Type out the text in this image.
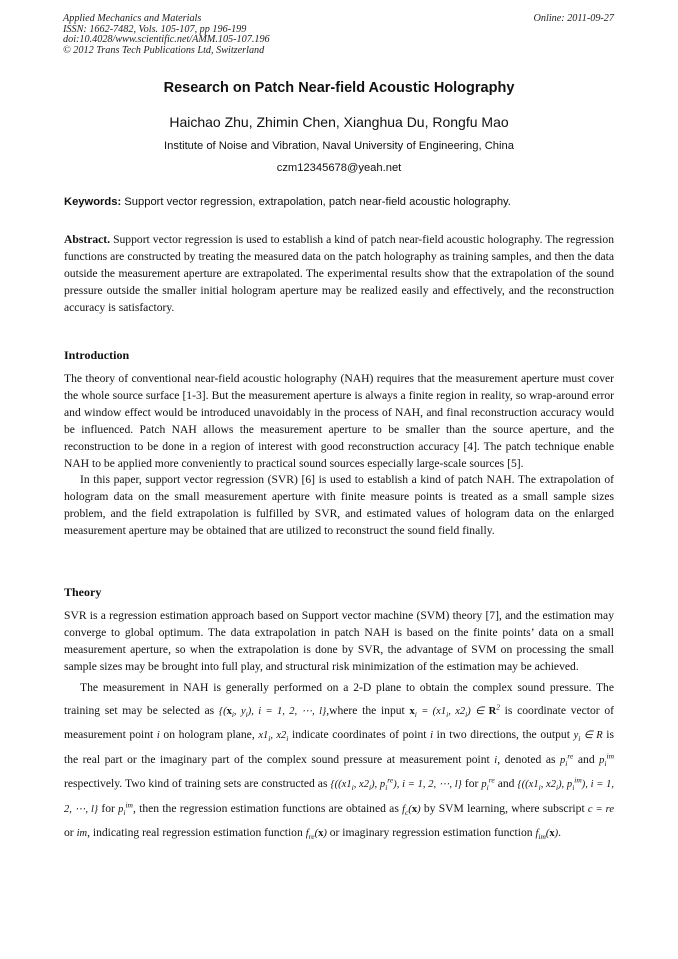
Applied Mechanics and Materials
ISSN: 1662-7482, Vols. 105-107, pp 196-199
doi:10.4028/www.scientific.net/AMM.105-107.196
© 2012 Trans Tech Publications Ltd, Switzerland
Online: 2011-09-27
Research on Patch Near-field Acoustic Holography
Haichao Zhu, Zhimin Chen, Xianghua Du, Rongfu Mao
Institute of Noise and Vibration, Naval University of Engineering, China
czm12345678@yeah.net
Keywords: Support vector regression, extrapolation, patch near-field acoustic holography.

Abstract. Support vector regression is used to establish a kind of patch near-field acoustic holography. The regression functions are constructed by treating the measured data on the patch holography as training samples, and then the data outside the measurement aperture are extrapolated. The experimental results show that the extrapolation of the sound pressure outside the smaller initial hologram aperture may be realized easily and effectively, and the reconstruction accuracy is satisfactory.

Introduction

The theory of conventional near-field acoustic holography (NAH) requires that the measurement aperture must cover the whole source surface [1-3]. But the measurement aperture is always a finite region in reality, so wrap-around error and window effect would be introduced unavoidably in the process of NAH, and final reconstruction accuracy would be influenced. Patch NAH allows the measurement aperture to be smaller than the source aperture, and the reconstruction to be done in a region of interest with good reconstruction accuracy [4]. The patch technique enable NAH to be applied more conveniently to practical sound sources especially large-scale sources [5].

In this paper, support vector regression (SVR) [6] is used to establish a kind of patch NAH. The extrapolation of hologram data on the small measurement aperture with finite measure points is treated as a small sample sizes problem, and the field extrapolation is fulfilled by SVR, and estimated values of hologram data on the enlarged measurement aperture may be obtained that are utilized to reconstruct the sound field finally.

Theory

SVR is a regression estimation approach based on Support vector machine (SVM) theory [7], and the estimation may converge to global optimum. The data extrapolation in patch NAH is based on the finite points’ data on a small measurement aperture, so when the extrapolation is done by SVR, the advantage of SVM on processing the small sample sizes may be brought into full play, and structural risk minimization of the estimation may be achieved.

The measurement in NAH is generally performed on a 2-D plane to obtain the complex sound pressure. The training set may be selected as {($x_i$, $y_i$), i = 1, 2, ⋯, l},where the input $x_i = (x1_i$, $x2_i$) ∈ $R^2$ is coordinate vector of measurement point i on hologram plane, $x1_i$, $x2_i$ indicate coordinates of point i in two directions, the output $y_i$ ∈ R is the real part or the imaginary part of the complex sound pressure at measurement point i, denoted as $p_i^{re}$ and $p_i^{im}$ respectively. Two kind of training sets are constructed as {(($x1_i$, $x2_i$), $p_i^{re}$), i = 1, 2, ⋯, l} for $p_i^{re}$ and {(($x1_i$, $x2_i$), $p_i^{im}$), i = 1, 2, ⋯, l} for $p_i^{im}$, then the regression estimation functions are obtained as $f_c(x)$ by SVM learning, where subscript c = re or im, indicating real regression estimation function $f_{re}(x)$ or imaginary regression estimation function $f_{im}(x)$.
